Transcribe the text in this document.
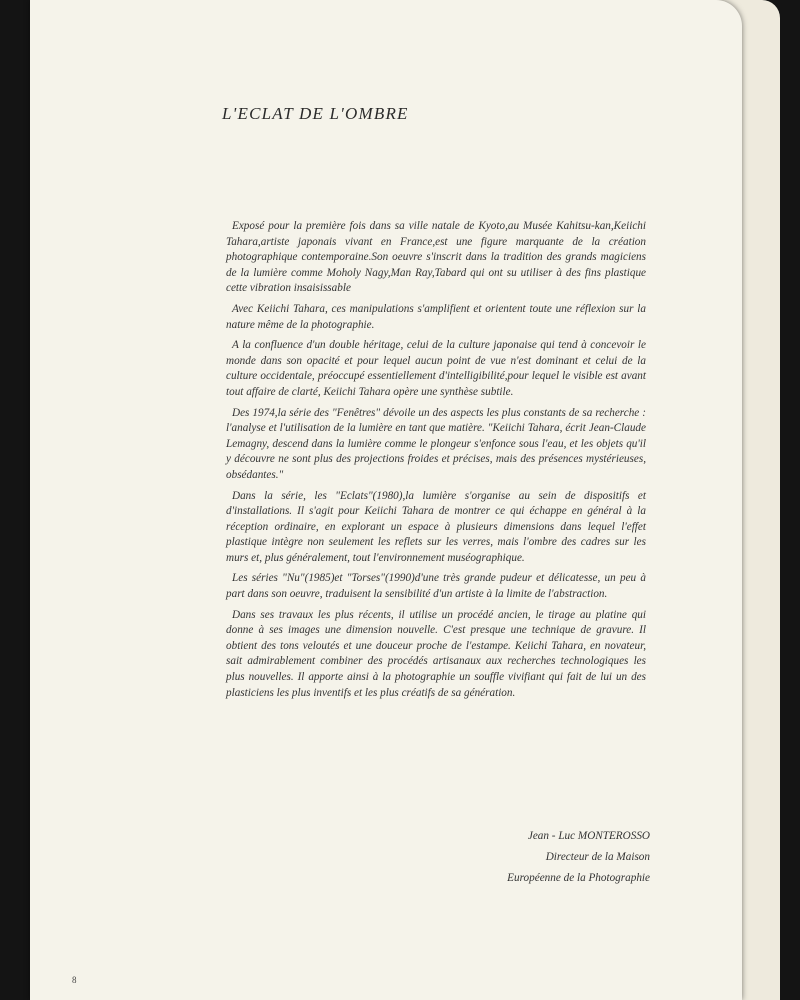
L'ECLAT DE L'OMBRE

Exposé pour la première fois dans sa ville natale de Kyoto,au Musée Kahitsu-kan,Keiichi Tahara,artiste japonais vivant en France,est une figure marquante de la création photographique contemporaine.Son oeuvre s'inscrit dans la tradition des grands magiciens de la lumière comme Moholy Nagy,Man Ray,Tabard qui ont su utiliser à des fins plastique cette vibration insaisissable

Avec Keiichi Tahara, ces manipulations s'amplifient et orientent toute une réflexion sur la nature même de la photographie.

A la confluence d'un double héritage, celui de la culture japonaise qui tend à concevoir le monde dans son opacité et pour lequel aucun point de vue n'est dominant et celui de la culture occidentale, préoccupé essentiellement d'intelligibilité,pour lequel le visible est avant tout affaire de clarté, Keiichi Tahara opère une synthèse subtile.

Des 1974,la série des "Fenêtres" dévoile un des aspects les plus constants de sa recherche : l'analyse et l'utilisation de la lumière en tant que matière. "Keiichi Tahara, écrit Jean-Claude Lemagny, descend dans la lumière comme le plongeur s'enfonce sous l'eau, et les objets qu'il y découvre ne sont plus des projections froides et précises, mais des présences mystérieuses, obsédantes."

Dans la série, les "Eclats"(1980),la lumière s'organise au sein de dispositifs et d'installations. Il s'agit pour Keiichi Tahara de montrer ce qui échappe en général à la réception ordinaire, en explorant un espace à plusieurs dimensions dans lequel l'effet plastique intègre non seulement les reflets sur les verres, mais l'ombre des cadres sur les murs et, plus généralement, tout l'environnement muséographique.

Les séries "Nu"(1985)et "Torses"(1990)d'une très grande pudeur et délicatesse, un peu à part dans son oeuvre, traduisent la sensibilité d'un artiste à la limite de l'abstraction.

Dans ses travaux les plus récents, il utilise un procédé ancien, le tirage au platine qui donne à ses images une dimension nouvelle. C'est presque une technique de gravure. Il obtient des tons veloutés et une douceur proche de l'estampe. Keiichi Tahara, en novateur, sait admirablement combiner des procédés artisanaux aux recherches technologiques les plus nouvelles. Il apporte ainsi à la photographie un souffle vivifiant qui fait de lui un des plasticiens les plus inventifs et les plus créatifs de sa génération.

Jean - Luc MONTEROSSO
Directeur de la Maison
Européenne de la Photographie
8
